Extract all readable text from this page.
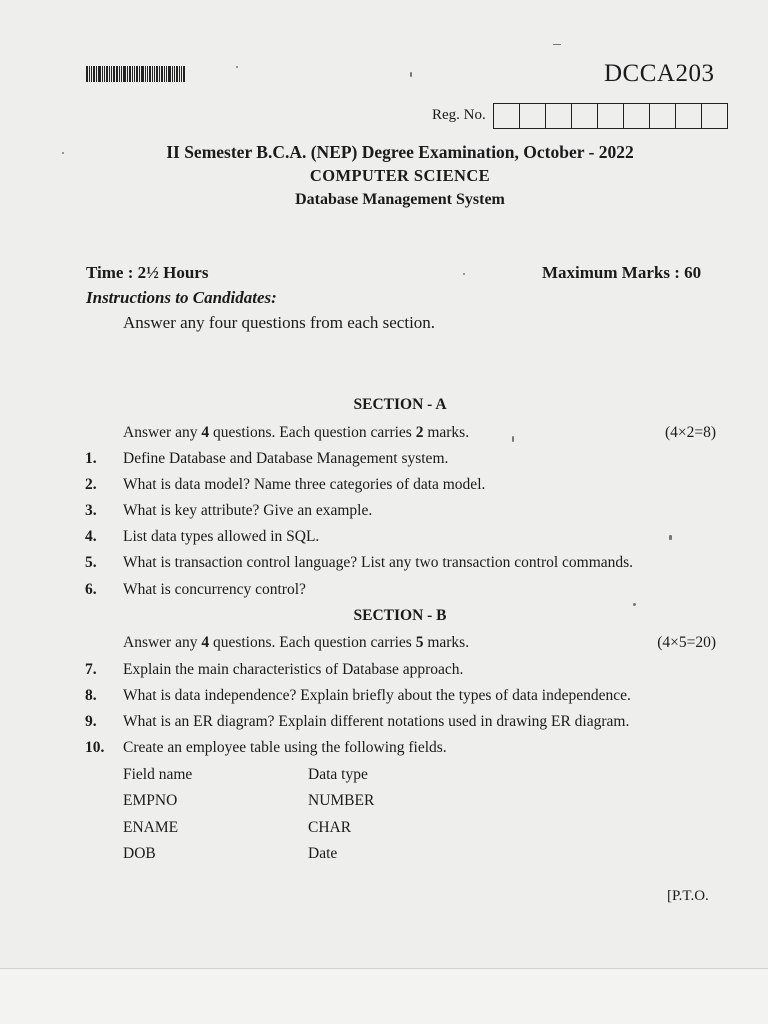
DCCA203
Reg. No.
II Semester B.C.A. (NEP) Degree Examination, October - 2022
COMPUTER SCIENCE
Database Management System
Time : 2½ Hours	Maximum Marks : 60
Instructions to Candidates:
Answer any four questions from each section.
SECTION - A
Answer any 4 questions. Each question carries 2 marks.	(4×2=8)
1. Define Database and Database Management system.
2. What is data model? Name three categories of data model.
3. What is key attribute? Give an example.
4. List data types allowed in SQL.
5. What is transaction control language? List any two transaction control commands.
6. What is concurrency control?
SECTION - B
Answer any 4 questions. Each question carries 5 marks.	(4×5=20)
7. Explain the main characteristics of Database approach.
8. What is data independence? Explain briefly about the types of data independence.
9. What is an ER diagram? Explain different notations used in drawing ER diagram.
10. Create an employee table using the following fields.
Field name	Data type
EMPNO	NUMBER
ENAME	CHAR
DOB	Date
[P.T.O.
